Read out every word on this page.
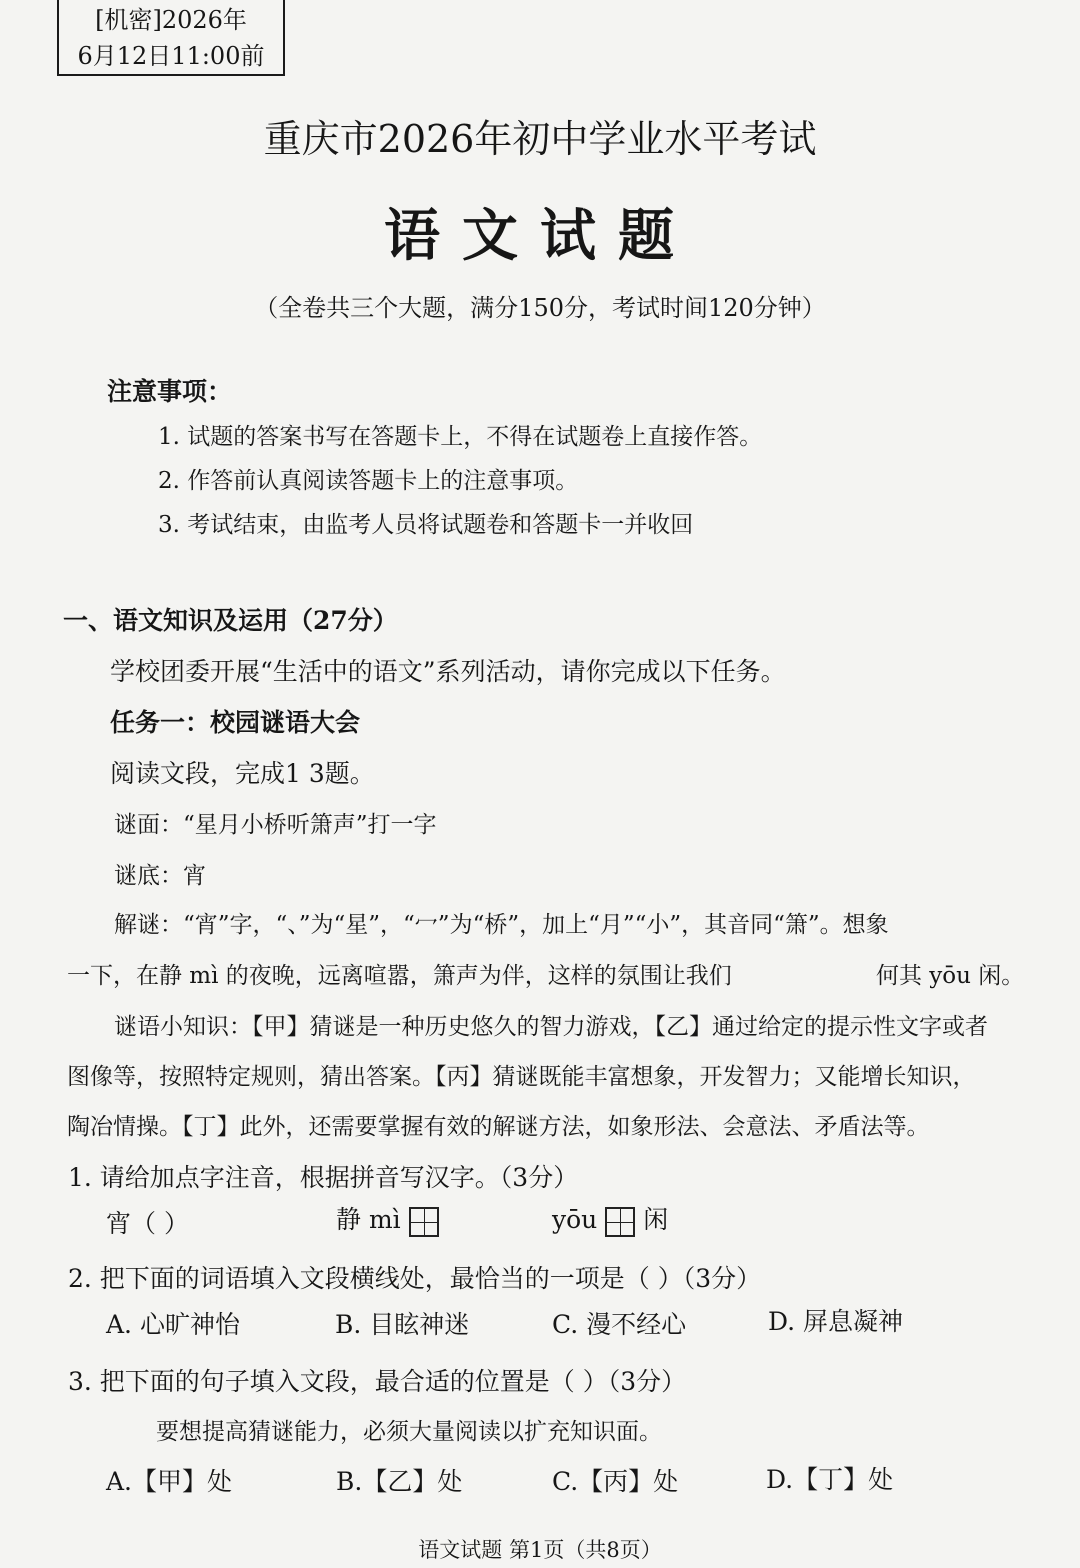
[机密]2026年
6月12日11:00前
重庆市2026年初中学业水平考试
语文试题
（全卷共三个大题，满分150分，考试时间120分钟）
注意事项：
1. 试题的答案书写在答题卡上，不得在试题卷上直接作答。
2. 作答前认真阅读答题卡上的注意事项。
3. 考试结束，由监考人员将试题卷和答题卡一并收回
一、语文知识及运用（27分）
学校团委开展“生活中的语文”系列活动，请你完成以下任务。
任务一：校园谜语大会
阅读文段，完成1 3题。
谜面：“星月小桥听箫声”打一字
谜底：宵
解谜：“宵”字，“、”为“星”，“冖”为“桥”，加上“月”“小”，其音同“箫”。想象
一下，在静 mì 的夜晚，远离喧嚣，箫声为伴，这样的氛围让我们	何其 yōu 闲。
谜语小知识：【甲】猜谜是一种历史悠久的智力游戏，【乙】通过给定的提示性文字或者
图像等，按照特定规则，猜出答案。【丙】猜谜既能丰富想象，开发智力；又能增长知识，
陶冶情操。【丁】此外，还需要掌握有效的解谜方法，如象形法、会意法、矛盾法等。
1. 请给加点字注音，根据拼音写汉字。（3分）
宵（ ）	静 mì	yōu 闲
2. 把下面的词语填入文段横线处，最恰当的一项是（ ）（3分）
A. 心旷神怡	B. 目眩神迷	C. 漫不经心	D. 屏息凝神
3. 把下面的句子填入文段，最合适的位置是（ ）（3分）
要想提高猜谜能力，必须大量阅读以扩充知识面。
A.【甲】处	B.【乙】处	C.【丙】处	D.【丁】处
语文试题 第1页（共8页）
